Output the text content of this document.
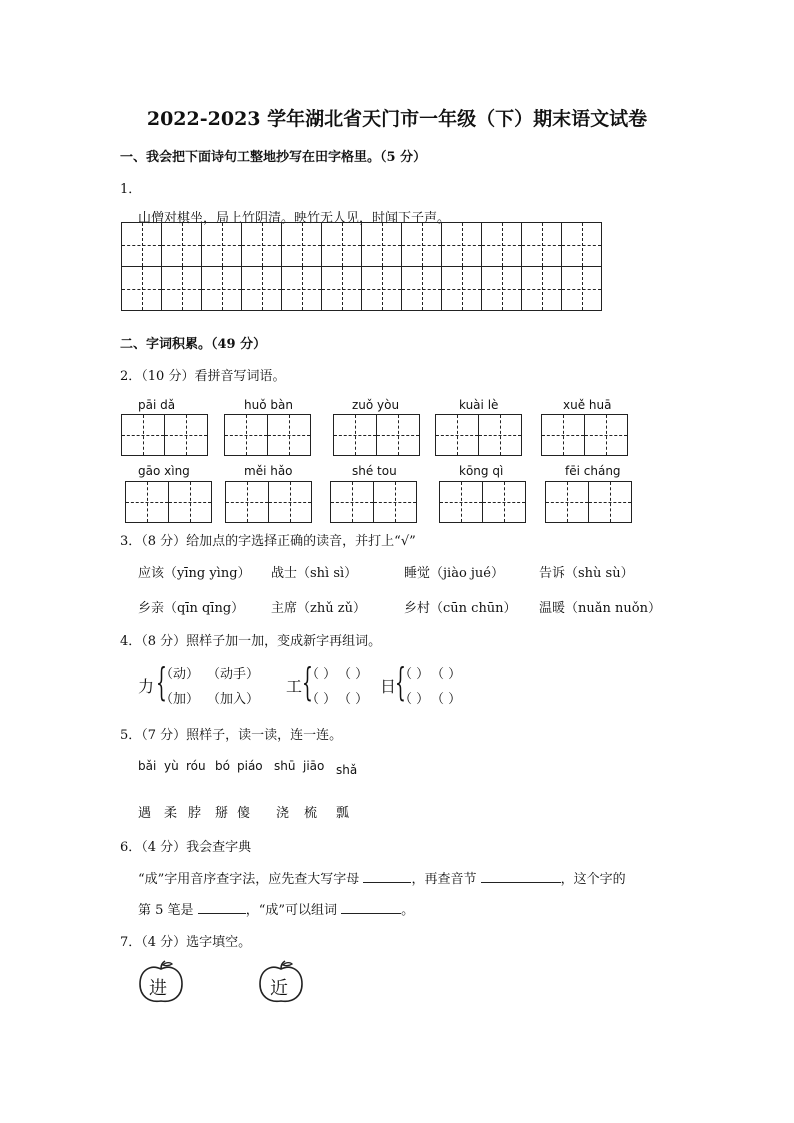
2022-2023 学年湖北省天门市一年级（下）期末语文试卷
一、我会把下面诗句工整地抄写在田字格里。（5 分）
1．
山僧对棋坐，局上竹阴清。映竹无人见，时闻下子声。
二、字词积累。（49 分）
2．（10 分）看拼音写词语。
pāi dǎ	huǒ bàn	zuǒ yòu	kuài lè	xuě huā
gāo xìng	měi hǎo	shé tou	kōng qì	fēi cháng
3．（8 分）给加点的字选择正确的读音，并打上“√”
应该（yīng yìng） 战士（shì sì）	睡觉（jiào jué）	告诉（shù sù）
乡亲（qīn qīng） 主席（zhǔ zǔ）	乡村（cūn chūn） 温暖（nuǎn nuǒn）
4．（8 分）照样子加一加，变成新字再组词。
力 {
（动） （动手）
（加） （加入）
工 {
（ ） （ ）
（ ） （ ）
日
{
（ ） （ ）
（ ） （ ）
5．（7 分）照样子，读一读，连一连。
bǎi yù róu bó piáo shū jiāo shǎ
遇 柔 脖 掰 傻 浇 梳 瓢
6．（4 分）我会查字典
“成”字用音序查字法，应先查大写字母	，再查音节	，这个字的
第 5 笔是	，“成”可以组词	。
7．（4 分）选字填空。
进	近
